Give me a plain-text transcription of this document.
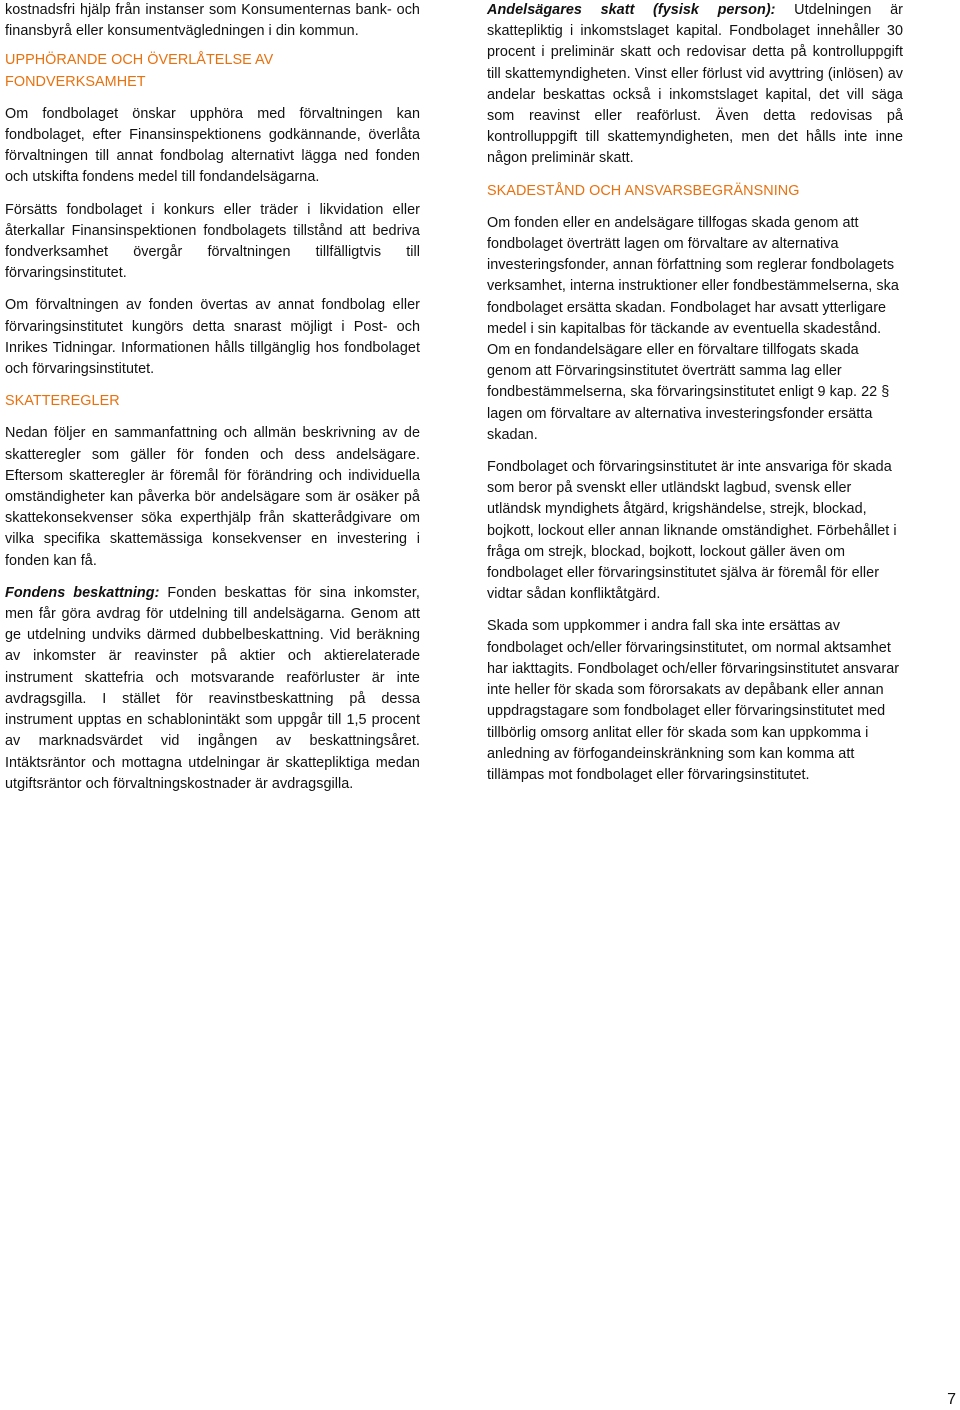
kostnadsfri hjälp från instanser som Konsumenternas bank- och finansbyrå eller konsumentvägledningen i din kommun.

UPPHÖRANDE OCH ÖVERLÅTELSE AV FONDVERKSAMHET

Om fondbolaget önskar upphöra med förvaltningen kan fondbolaget, efter Finansinspektionens godkännande, överlåta förvaltningen till annat fondbolag alternativt lägga ned fonden och utskifta fondens medel till fondandelsägarna.

Försätts fondbolaget i konkurs eller träder i likvidation eller återkallar Finansinspektionen fondbolagets tillstånd att bedriva fondverksamhet övergår förvaltningen tillfälligtvis till förvaringsinstitutet.

Om förvaltningen av fonden övertas av annat fondbolag eller förvaringsinstitutet kungörs detta snarast möjligt i Post- och Inrikes Tidningar. Informationen hålls tillgänglig hos fondbolaget och förvaringsinstitutet.

SKATTEREGLER

Nedan följer en sammanfattning och allmän beskrivning av de skatteregler som gäller för fonden och dess andelsägare. Eftersom skatteregler är föremål för förändring och individuella omständigheter kan påverka bör andelsägare som är osäker på skattekonsekvenser söka experthjälp från skatterådgivare om vilka specifika skattemässiga konsekvenser en investering i fonden kan få.

Fondens beskattning: Fonden beskattas för sina inkomster, men får göra avdrag för utdelning till andelsägarna. Genom att ge utdelning undviks därmed dubbelbeskattning. Vid beräkning av inkomster är reavinster på aktier och aktierelaterade instrument skattefria och motsvarande reaförluster är inte avdragsgilla. I stället för reavinstbeskattning på dessa instrument upptas en schablonintäkt som uppgår till 1,5 procent av marknadsvärdet vid ingången av beskattningsåret. Intäktsräntor och mottagna utdelningar är skattepliktiga medan utgiftsräntor och förvaltningskostnader är avdragsgilla.

Andelsägares skatt (fysisk person): Utdelningen är skattepliktig i inkomstslaget kapital. Fondbolaget innehåller 30 procent i preliminär skatt och redovisar detta på kontrolluppgift till skattemyndigheten. Vinst eller förlust vid avyttring (inlösen) av andelar beskattas också i inkomstslaget kapital, det vill säga som reavinst eller reaförlust. Även detta redovisas på kontrolluppgift till skattemyndigheten, men det hålls inte inne någon preliminär skatt.

SKADESTÅND OCH ANSVARSBEGRÄNSNING

Om fonden eller en andelsägare tillfogas skada genom att fondbolaget överträtt lagen om förvaltare av alternativa investeringsfonder, annan författning som reglerar fondbolagets verksamhet, interna instruktioner eller fondbestämmelserna, ska fondbolaget ersätta skadan. Fondbolaget har avsatt ytterligare medel i sin kapitalbas för täckande av eventuella skadestånd. Om en fondandelsägare eller en förvaltare tillfogats skada genom att Förvaringsinstitutet överträtt samma lag eller fondbestämmelserna, ska förvaringsinstitutet enligt 9 kap. 22 § lagen om förvaltare av alternativa investeringsfonder ersätta skadan.

Fondbolaget och förvaringsinstitutet är inte ansvariga för skada som beror på svenskt eller utländskt lagbud, svensk eller utländsk myndighets åtgärd, krigshändelse, strejk, blockad, bojkott, lockout eller annan liknande omständighet. Förbehållet i fråga om strejk, blockad, bojkott, lockout gäller även om fondbolaget eller förvaringsinstitutet själva är föremål för eller vidtar sådan konfliktåtgärd.

Skada som uppkommer i andra fall ska inte ersättas av fondbolaget och/eller förvaringsinstitutet, om normal aktsamhet har iakttagits. Fondbolaget och/eller förvaringsinstitutet ansvarar inte heller för skada som förorsakats av depåbank eller annan uppdragstagare som fondbolaget eller förvaringsinstitutet med tillbörlig omsorg anlitat eller för skada som kan uppkomma i anledning av förfogandeinskränkning som kan komma att tillämpas mot fondbolaget eller förvaringsinstitutet.

7
